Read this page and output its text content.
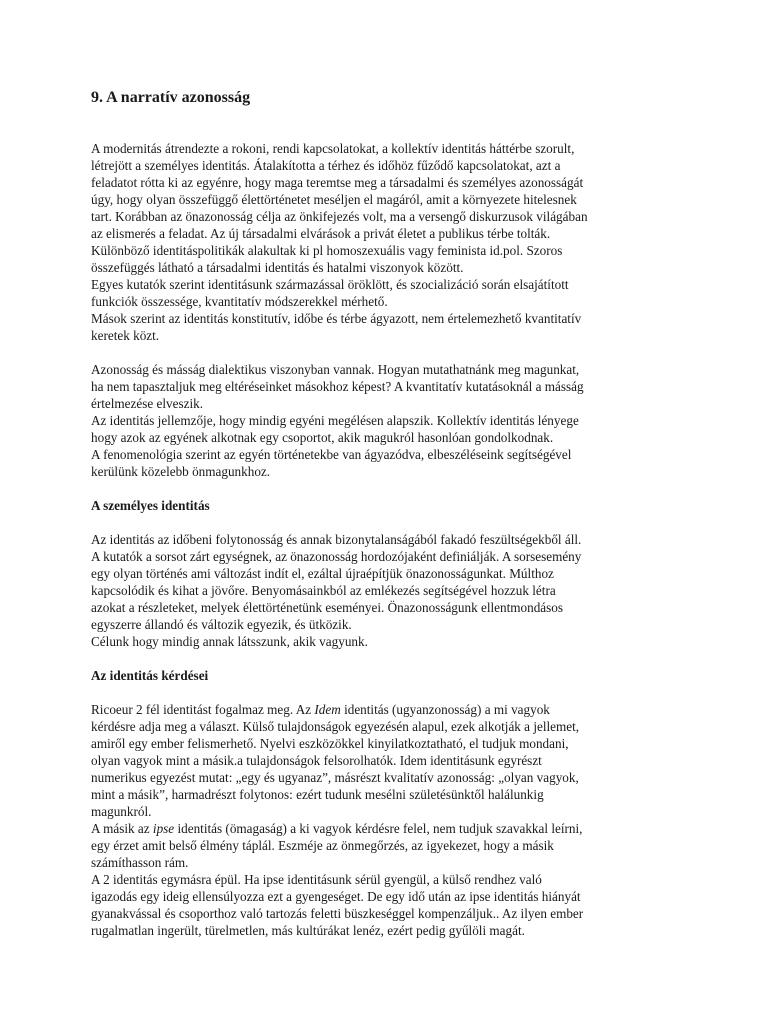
9. A narratív azonosság
A modernitás átrendezte a rokoni, rendi kapcsolatokat, a kollektív identitás háttérbe szorult,
létrejött a személyes identitás. Átalakította a térhez és időhöz fűződő kapcsolatokat, azt a
feladatot rótta ki az egyénre, hogy maga teremtse meg a társadalmi és személyes azonosságát
úgy, hogy olyan összefüggő élettörténetet meséljen el magáról, amit a környezete hitelesnek
tart. Korábban az önazonosság célja az önkifejezés volt, ma a versengő diskurzusok világában
az elismerés a feladat. Az új társadalmi elvárások a privát életet a publikus térbe tolták.
Különböző identitáspolitikák alakultak ki pl homoszexuális vagy feminista id.pol. Szoros
összefüggés látható a társadalmi identitás és hatalmi viszonyok között.
Egyes kutatók szerint identitásunk származással öröklött, és szocializáció során elsajátított
funkciók összessége, kvantitatív módszerekkel mérhető.
Mások szerint az identitás konstitutív, időbe és térbe ágyazott, nem értelemezhető kvantitatív
keretek közt.
Azonosság és másság dialektikus viszonyban vannak. Hogyan mutathatnánk meg magunkat,
ha nem tapasztaljuk meg eltéréseinket másokhoz képest? A kvantitatív kutatásoknál a másság
értelmezése elveszik.
Az identitás jellemzője, hogy mindig egyéni megélésen alapszik. Kollektív identitás lényege
hogy azok az egyének alkotnak egy csoportot, akik magukról hasonlóan gondolkodnak.
A fenomenológia szerint az egyén történetekbe van ágyazódva, elbeszéléseink segítségével
kerülünk közelebb önmagunkhoz.
A személyes identitás
Az identitás az időbeni folytonosság és annak bizonytalanságából fakadó feszültségekből áll.
A kutatók a sorsot zárt egységnek, az önazonosság hordozójaként definiálják. A sorsesemény
egy olyan történés ami változást indít el, ezáltal újraépítjük önazonosságunkat. Múlthoz
kapcsolódik és kihat a jövőre. Benyomásainkból az emlékezés segítségével hozzuk létra
azokat a részleteket, melyek élettörténetünk eseményei. Önazonosságunk ellentmondásos
egyszerre állandó és változik egyezik, és ütközik.
Célunk hogy mindig annak látsszunk, akik vagyunk.
Az identitás kérdései
Ricoeur 2 fél identitást fogalmaz meg. Az Idem identitás (ugyanzonosság) a mi vagyok
kérdésre adja meg a választ. Külső tulajdonságok egyezésén alapul, ezek alkotják a jellemet,
amiről egy ember felismerhető. Nyelvi eszközökkel kinyilatkoztatható, el tudjuk mondani,
olyan vagyok mint a másik.a tulajdonságok felsorolhatók. Idem identitásunk egyrészt
numerikus egyezést mutat: „egy és ugyanaz”, másrészt kvalitatív azonosság: „olyan vagyok,
mint a másik”, harmadrészt folytonos: ezért tudunk mesélni születésünktől halálunkig
magunkról.
A másik az ipse identitás (ömagaság) a ki vagyok kérdésre felel, nem tudjuk szavakkal leírni,
egy érzet amit belső élmény táplál. Eszméje az önmegőrzés, az igyekezet, hogy a másik
számíthasson rám.
A 2 identitás egymásra épül. Ha ipse identitásunk sérül gyengül, a külső rendhez való
igazodás egy ideig ellensúlyozza ezt a gyengeséget. De egy idő után az ipse identitás hiányát
gyanakvással és csoporthoz való tartozás feletti büszkeséggel kompenzáljuk.. Az ilyen ember
rugalmatlan ingerült, türelmetlen, más kultúrákat lenéz, ezért pedig gyűlöli magát.
